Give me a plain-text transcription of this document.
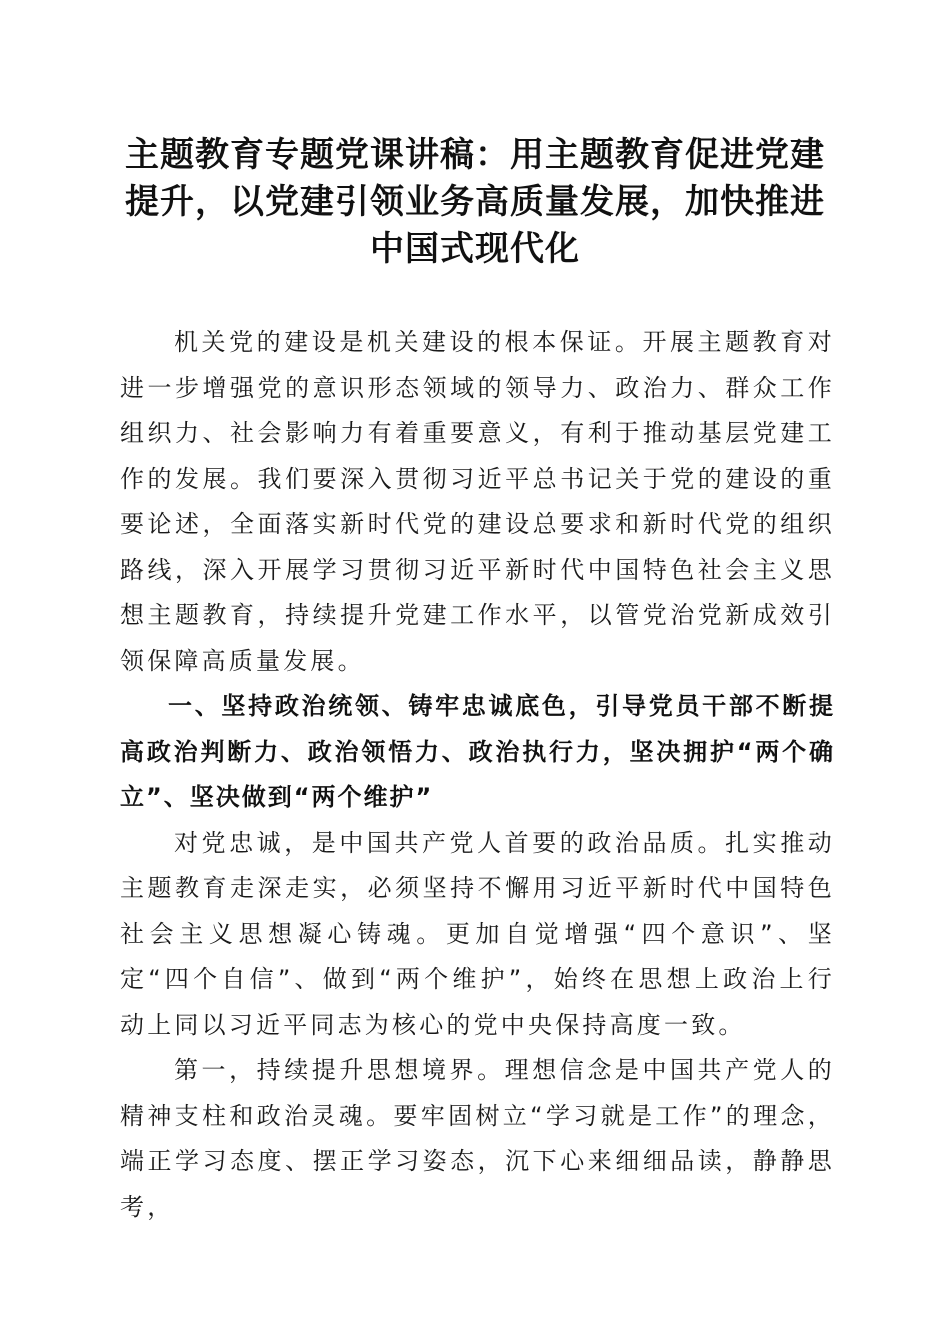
主题教育专题党课讲稿：用主题教育促进党建
提升，以党建引领业务高质量发展，加快推进
中国式现代化

机关党的建设是机关建设的根本保证。开展主题教育对进一步增强党的意识形态领域的领导力、政治力、群众工作组织力、社会影响力有着重要意义，有利于推动基层党建工作的发展。我们要深入贯彻习近平总书记关于党的建设的重要论述，全面落实新时代党的建设总要求和新时代党的组织路线，深入开展学习贯彻习近平新时代中国特色社会主义思想主题教育，持续提升党建工作水平，以管党治党新成效引领保障高质量发展。

一、坚持政治统领、铸牢忠诚底色，引导党员干部不断提高政治判断力、政治领悟力、政治执行力，坚决拥护“两个确立”、坚决做到“两个维护”

对党忠诚，是中国共产党人首要的政治品质。扎实推动主题教育走深走实，必须坚持不懈用习近平新时代中国特色社会主义思想凝心铸魂。更加自觉增强“四个意识”、坚定“四个自信”、做到“两个维护”，始终在思想上政治上行动上同以习近平同志为核心的党中央保持高度一致。

第一，持续提升思想境界。理想信念是中国共产党人的精神支柱和政治灵魂。要牢固树立“学习就是工作”的理念，端正学习态度、摆正学习姿态，沉下心来细细品读，静静思考，
